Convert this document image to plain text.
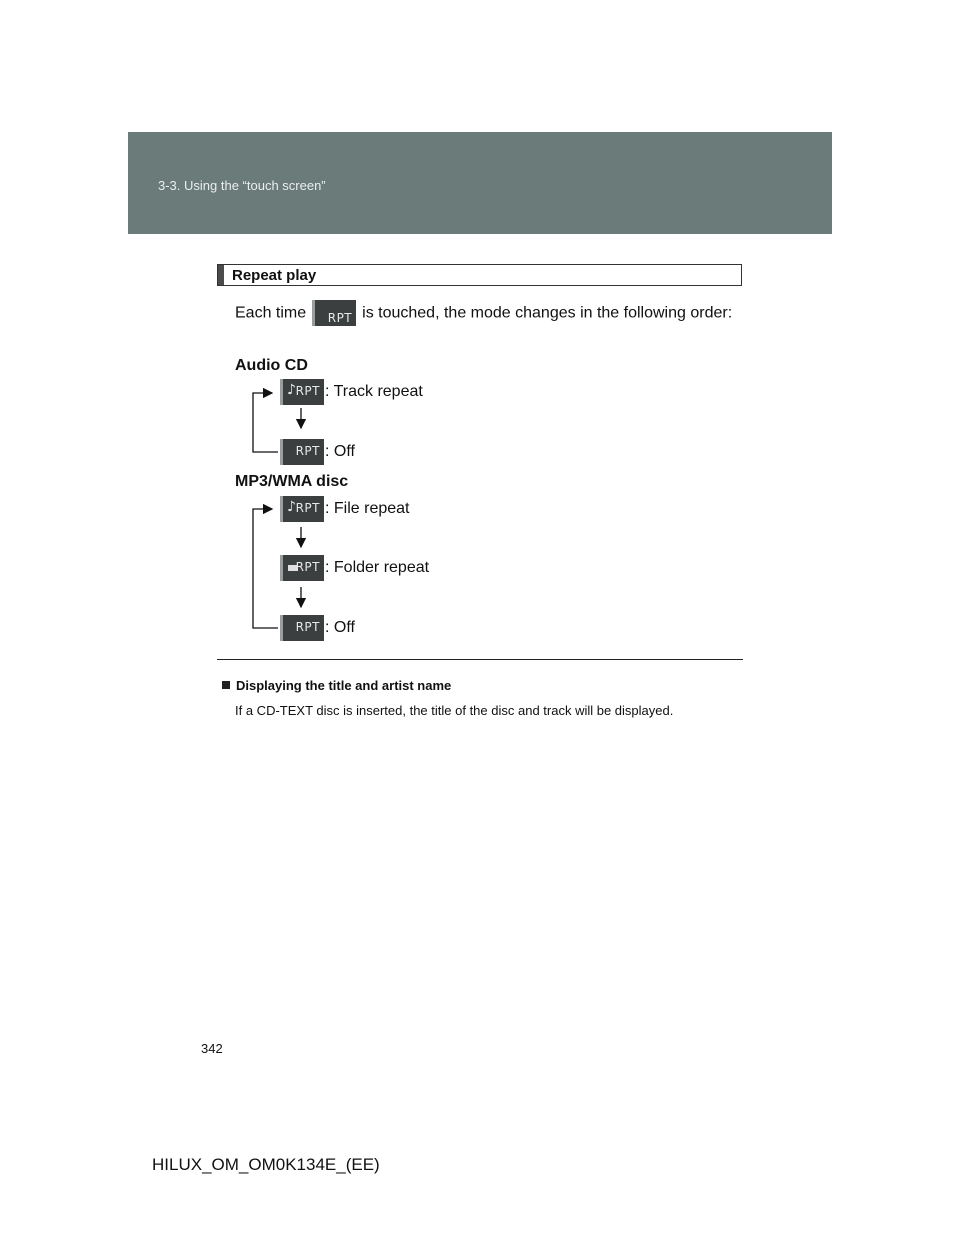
3-3. Using the “touch screen”
Repeat play
Each time RPT is touched, the mode changes in the following order:
Audio CD
♪ RPT : Track repeat
RPT : Off
MP3/WMA disc
♪ RPT : File repeat
RPT : Folder repeat
RPT : Off
Displaying the title and artist name
If a CD-TEXT disc is inserted, the title of the disc and track will be displayed.
342
HILUX_OM_OM0K134E_(EE)
